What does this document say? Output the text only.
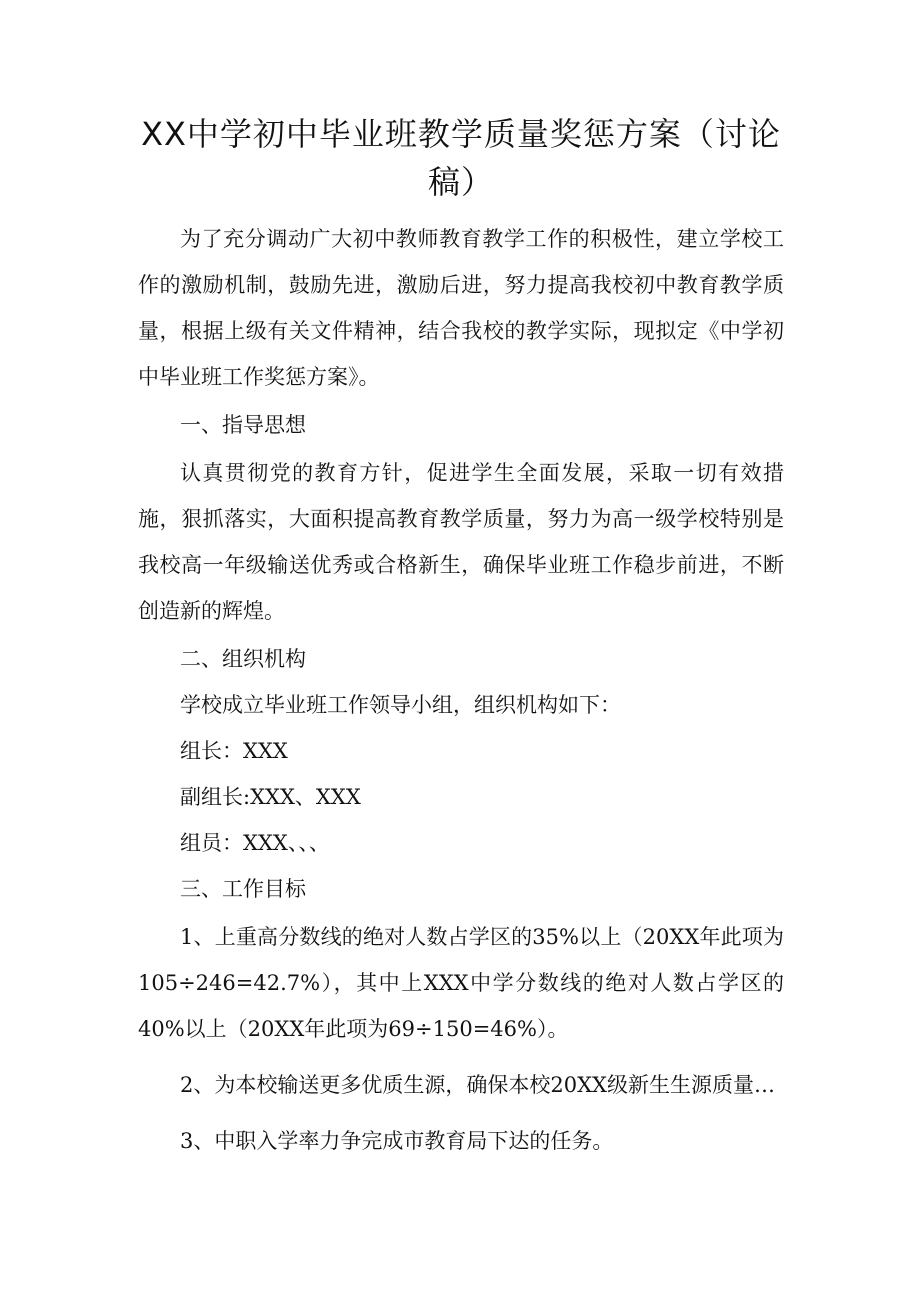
XX中学初中毕业班教学质量奖惩方案（讨论稿）

为了充分调动广大初中教师教育教学工作的积极性，建立学校工作的激励机制，鼓励先进，激励后进，努力提高我校初中教育教学质量，根据上级有关文件精神，结合我校的教学实际，现拟定《中学初中毕业班工作奖惩方案》。

一、指导思想

认真贯彻党的教育方针，促进学生全面发展，采取一切有效措施，狠抓落实，大面积提高教育教学质量，努力为高一级学校特别是我校高一年级输送优秀或合格新生，确保毕业班工作稳步前进，不断创造新的辉煌。

二、组织机构

学校成立毕业班工作领导小组，组织机构如下：

组长：XXX

副组长:XXX、XXX

组员：XXX、、、

三、工作目标

1、上重高分数线的绝对人数占学区的35%以上（20XX年此项为105÷246=42.7%），其中上XXX中学分数线的绝对人数占学区的40%以上（20XX年此项为69÷150=46%）。

2、为本校输送更多优质生源，确保本校20XX级新生生源质量…

3、中职入学率力争完成市教育局下达的任务。
